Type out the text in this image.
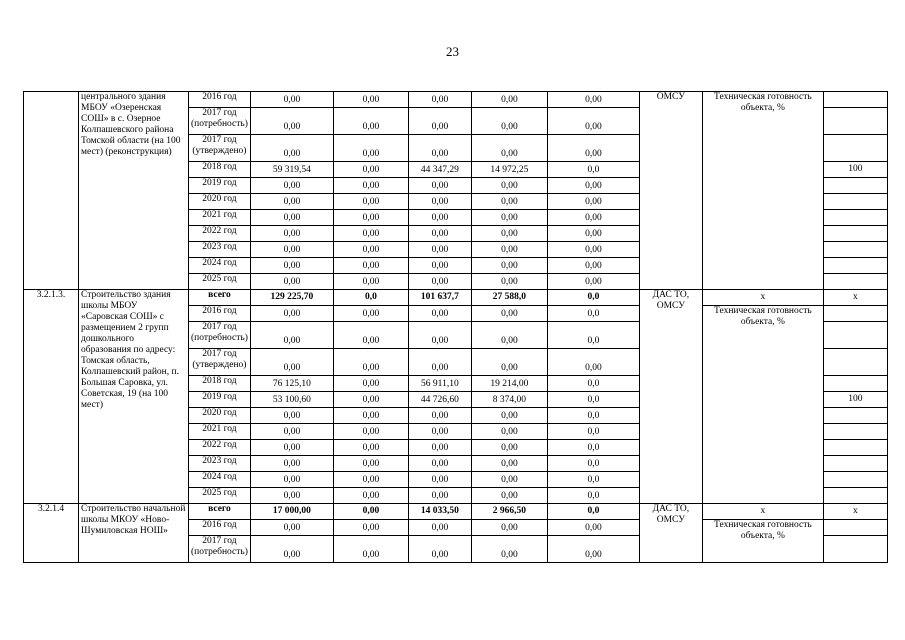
23
	центрального здания МБОУ «Озеренская СОШ» в с. Озерное Колпашевского района Томской области (на 100 мест) (реконструкция)	2016 год	0,00	0,00	0,00	0,00	0,00	ОМСУ	Техническая готовность объекта, %	
		2017 год (потребность)	0,00	0,00	0,00	0,00	0,00			
		2017 год (утверждено)	0,00	0,00	0,00	0,00	0,00			
		2018 год	59 319,54	0,00	44 347,29	14 972,25	0,0			100
		2019 год	0,00	0,00	0,00	0,00	0,00			
		2020 год	0,00	0,00	0,00	0,00	0,00			
		2021 год	0,00	0,00	0,00	0,00	0,00			
		2022 год	0,00	0,00	0,00	0,00	0,00			
		2023 год	0,00	0,00	0,00	0,00	0,00			
		2024 год	0,00	0,00	0,00	0,00	0,00			
		2025 год	0,00	0,00	0,00	0,00	0,00			
3.2.1.3.	Строительство здания школы МБОУ «Саровская СОШ» с размещением 2 групп дошкольного образования по адресу: Томская область, Колпашевский район, п. Большая Саровка, ул. Советская, 19 (на 100 мест)	всего	129 225,70	0,0	101 637,7	27 588,0	0,0	ДАС ТО, ОМСУ	х	х
		2016 год	0,00	0,00	0,00	0,00	0,0		Техническая готовность объекта, %	
		2017 год (потребность)	0,00	0,00	0,00	0,00	0,0			
		2017 год (утверждено)	0,00	0,00	0,00	0,00	0,00			
		2018 год	76 125,10	0,00	56 911,10	19 214,00	0,0			
		2019 год	53 100,60	0,00	44 726,60	8 374,00	0,0			100
		2020 год	0,00	0,00	0,00	0,00	0,0			
		2021 год	0,00	0,00	0,00	0,00	0,0			
		2022 год	0,00	0,00	0,00	0,00	0,0			
		2023 год	0,00	0,00	0,00	0,00	0,0			
		2024 год	0,00	0,00	0,00	0,00	0,0			
		2025 год	0,00	0,00	0,00	0,00	0,0			
3.2.1.4	Строительство начальной школы МКОУ «Ново-Шумиловская НОШ»	всего	17 000,00	0,00	14 033,50	2 966,50	0,0	ДАС ТО, ОМСУ	х	х
		2016 год	0,00	0,00	0,00	0,00	0,00		Техническая готовность объекта, %	
		2017 год (потребность)	0,00	0,00	0,00	0,00	0,00			
